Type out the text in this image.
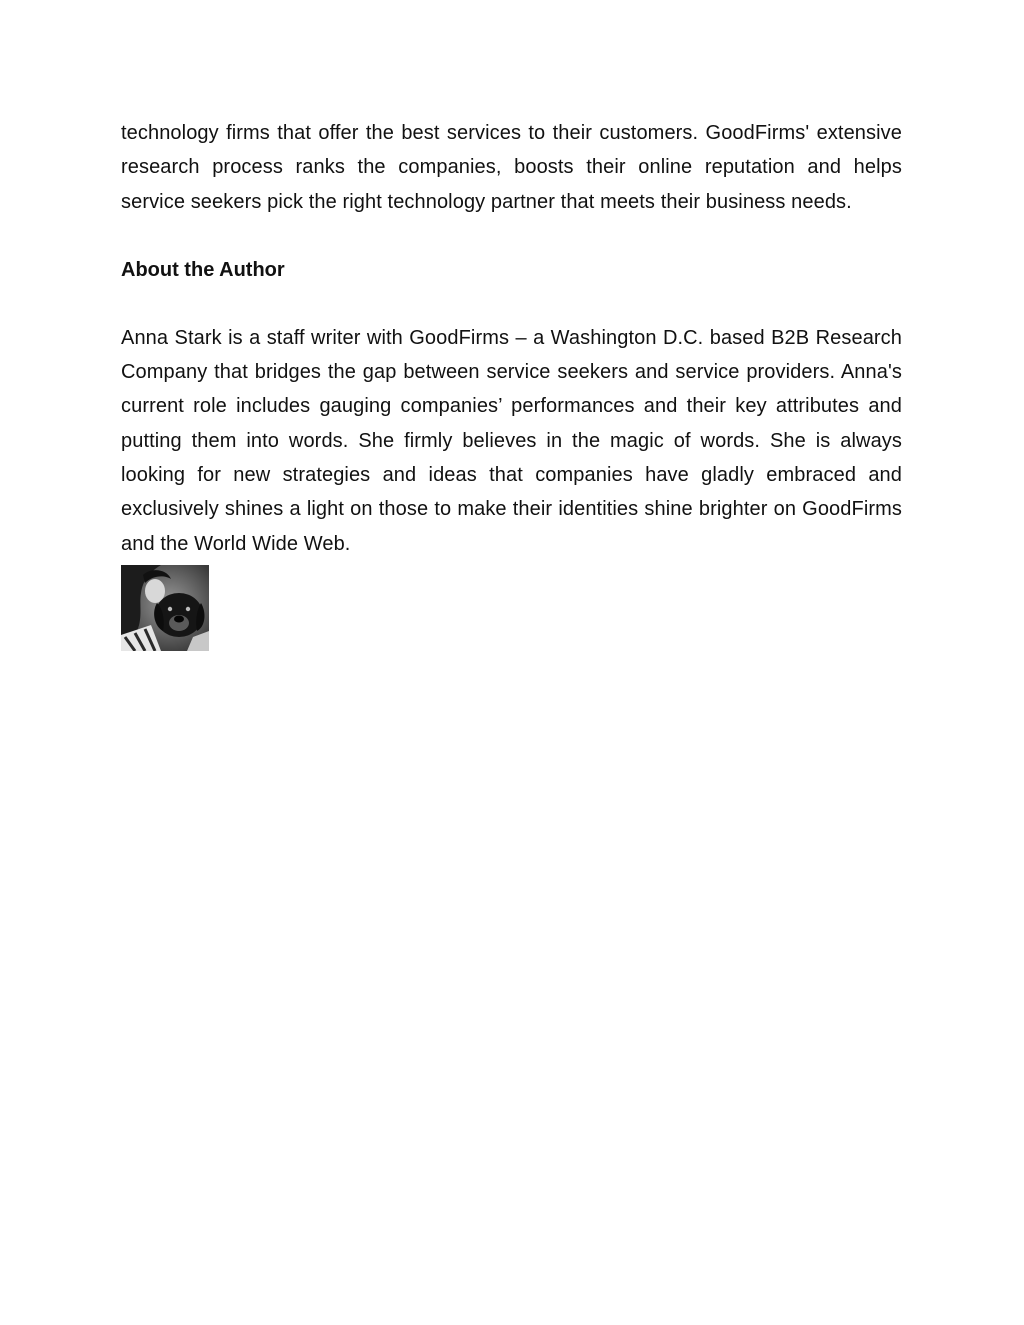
technology firms that offer the best services to their customers. GoodFirms' extensive research process ranks the companies, boosts their online reputation and helps service seekers pick the right technology partner that meets their business needs.

About the Author

Anna Stark is a staff writer with GoodFirms – a Washington D.C. based B2B Research Company that bridges the gap between service seekers and service providers. Anna's current role includes gauging companies’ performances and their key attributes and putting them into words. She firmly believes in the magic of words. She is always looking for new strategies and ideas that companies have gladly embraced and exclusively shines a light on those to make their identities shine brighter on GoodFirms and the World Wide Web.
